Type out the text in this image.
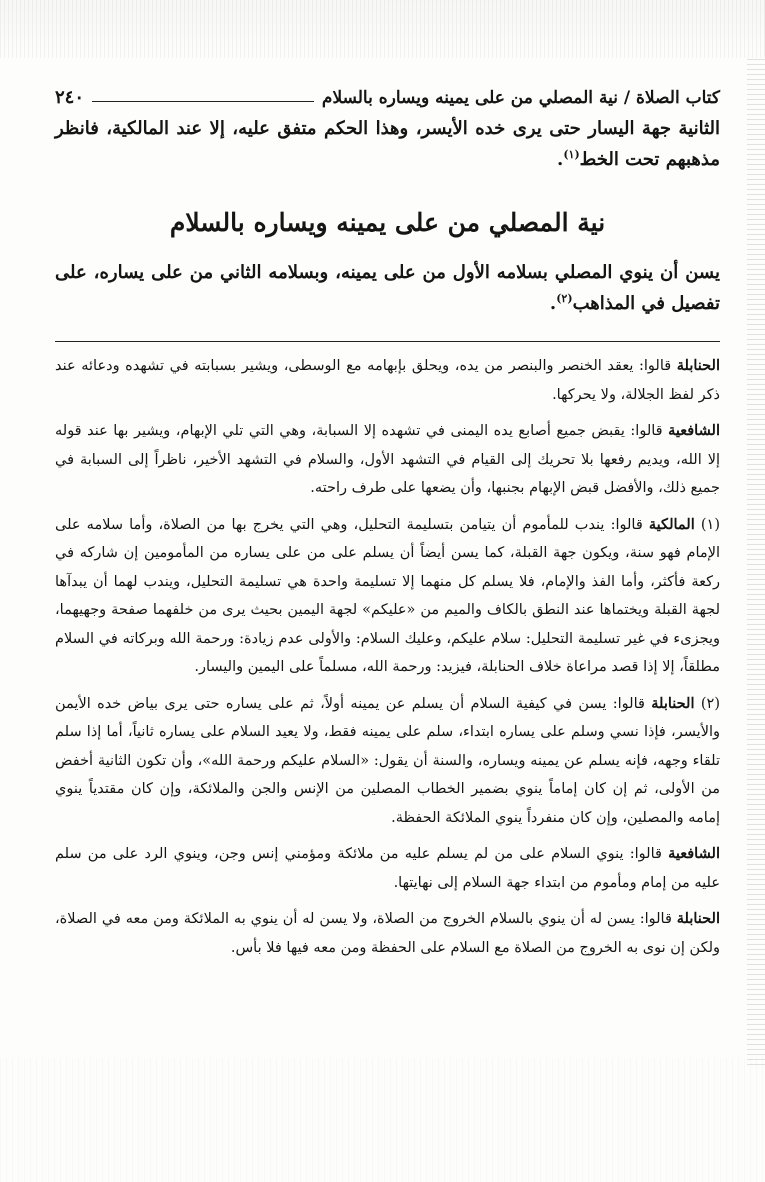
كتاب الصلاة / نية المصلي من على يمينه ويساره بالسلام
٢٤٠

الثانية جهة اليسار حتى يرى خده الأيسر، وهذا الحكم متفق عليه، إلا عند المالكية، فانظر مذهبهم تحت الخط$^{(١)}$.

نية المصلي من على يمينه ويساره بالسلام

يسن أن ينوي المصلي بسلامه الأول من على يمينه، وبسلامه الثاني من على يساره، على تفصيل في المذاهب$^{(٢)}$.

الحنابلة قالوا: يعقد الخنصر والبنصر من يده، ويحلق بإبهامه مع الوسطى، ويشير بسبابته في تشهده ودعائه عند ذكر لفظ الجلالة، ولا يحركها.

الشافعية قالوا: يقبض جميع أصابع يده اليمنى في تشهده إلا السبابة، وهي التي تلي الإبهام، ويشير بها عند قوله إلا الله، ويديم رفعها بلا تحريك إلى القيام في التشهد الأول، والسلام في التشهد الأخير، ناظراً إلى السبابة في جميع ذلك، والأفضل قبض الإبهام بجنبها، وأن يضعها على طرف راحته.

(١) المالكية قالوا: يندب للمأموم أن يتيامن بتسليمة التحليل، وهي التي يخرج بها من الصلاة، وأما سلامه على الإمام فهو سنة، ويكون جهة القبلة، كما يسن أيضاً أن يسلم على من على يساره من المأمومين إن شاركه في ركعة فأكثر، وأما الفذ والإمام، فلا يسلم كل منهما إلا تسليمة واحدة هي تسليمة التحليل، ويندب لهما أن يبدآها لجهة القبلة ويختماها عند النطق بالكاف والميم من «عليكم» لجهة اليمين بحيث يرى من خلفهما صفحة وجهيهما، ويجزىء في غير تسليمة التحليل: سلام عليكم، وعليك السلام: والأولى عدم زيادة: ورحمة الله وبركاته في السلام مطلقاً، إلا إذا قصد مراعاة خلاف الحنابلة، فيزيد: ورحمة الله، مسلماً على اليمين واليسار.

(٢) الحنابلة قالوا: يسن في كيفية السلام أن يسلم عن يمينه أولاً، ثم على يساره حتى يرى بياض خده الأيمن والأيسر، فإذا نسي وسلم على يساره ابتداء، سلم على يمينه فقط، ولا يعيد السلام على يساره ثانياً، أما إذا سلم تلقاء وجهه، فإنه يسلم عن يمينه ويساره، والسنة أن يقول: «السلام عليكم ورحمة الله»، وأن تكون الثانية أخفض من الأولى، ثم إن كان إماماً ينوي بضمير الخطاب المصلين من الإنس والجن والملائكة، وإن كان مقتدياً ينوي إمامه والمصلين، وإن كان منفرداً ينوي الملائكة الحفظة.

الشافعية قالوا: ينوي السلام على من لم يسلم عليه من ملائكة ومؤمني إنس وجن، وينوي الرد على من سلم عليه من إمام ومأموم من ابتداء جهة السلام إلى نهايتها.

الحنابلة قالوا: يسن له أن ينوي بالسلام الخروج من الصلاة، ولا يسن له أن ينوي به الملائكة ومن معه في الصلاة، ولكن إن نوى به الخروج من الصلاة مع السلام على الحفظة ومن معه فيها فلا بأس.
